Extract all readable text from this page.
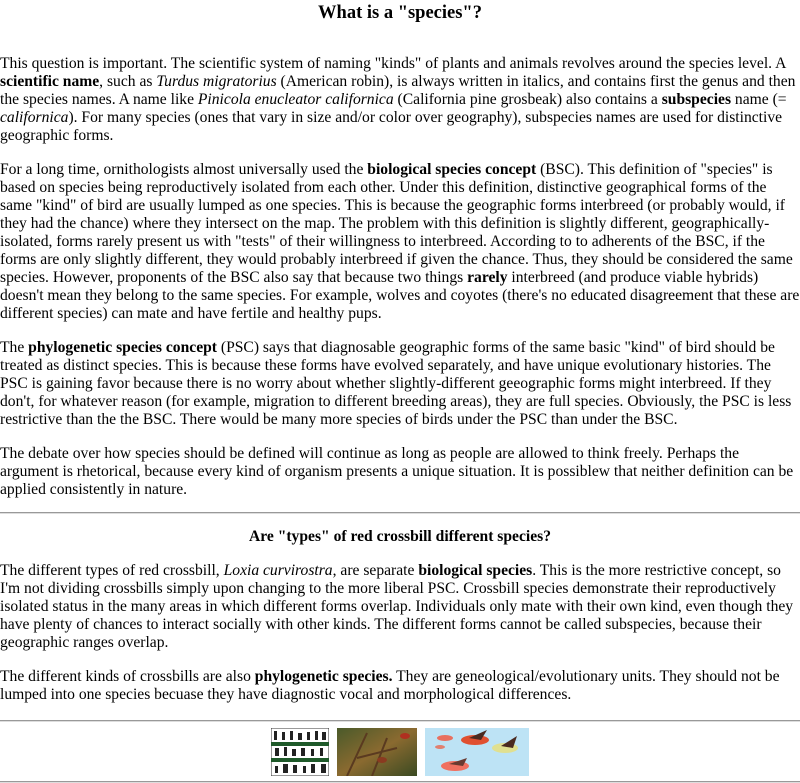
What is a "species"?

This question is important. The scientific system of naming "kinds" of plants and animals revolves around the species level. A scientific name, such as Turdus migratorius (American robin), is always written in italics, and contains first the genus and then the species names. A name like Pinicola enucleator californica (California pine grosbeak) also contains a subspecies name (= californica). For many species (ones that vary in size and/or color over geography), subspecies names are used for distinctive geographic forms.

For a long time, ornithologists almost universally used the biological species concept (BSC). This definition of "species" is based on species being reproductively isolated from each other. Under this definition, distinctive geographical forms of the same "kind" of bird are usually lumped as one species. This is because the geographic forms interbreed (or probably would, if they had the chance) where they intersect on the map. The problem with this definition is slightly different, geographically-isolated, forms rarely present us with "tests" of their willingness to interbreed. According to to adherents of the BSC, if the forms are only slightly different, they would probably interbreed if given the chance. Thus, they should be considered the same species. However, proponents of the BSC also say that because two things rarely interbreed (and produce viable hybrids) doesn't mean they belong to the same species. For example, wolves and coyotes (there's no educated disagreement that these are different species) can mate and have fertile and healthy pups.

The phylogenetic species concept (PSC) says that diagnosable geographic forms of the same basic "kind" of bird should be treated as distinct species. This is because these forms have evolved separately, and have unique evolutionary histories. The PSC is gaining favor because there is no worry about whether slightly-different geeographic forms might interbreed. If they don't, for whatever reason (for example, migration to different breeding areas), they are full species. Obviously, the PSC is less restrictive than the the BSC. There would be many more species of birds under the PSC than under the BSC.

The debate over how species should be defined will continue as long as people are allowed to think freely. Perhaps the argument is rhetorical, because every kind of organism presents a unique situation. It is possiblew that neither definition can be applied consistently in nature.

Are "types" of red crossbill different species?

The different types of red crossbill, Loxia curvirostra, are separate biological species. This is the more restrictive concept, so I'm not dividing crossbills simply upon changing to the more liberal PSC. Crossbill species demonstrate their reproductively isolated status in the many areas in which different forms overlap. Individuals only mate with their own kind, even though they have plenty of chances to interact socially with other kinds. The different forms cannot be called subspecies, because their geographic ranges overlap.

The different kinds of crossbills are also phylogenetic species. They are geneological/evolutionary units. They should not be lumped into one species becuase they have diagnostic vocal and morphological differences.
